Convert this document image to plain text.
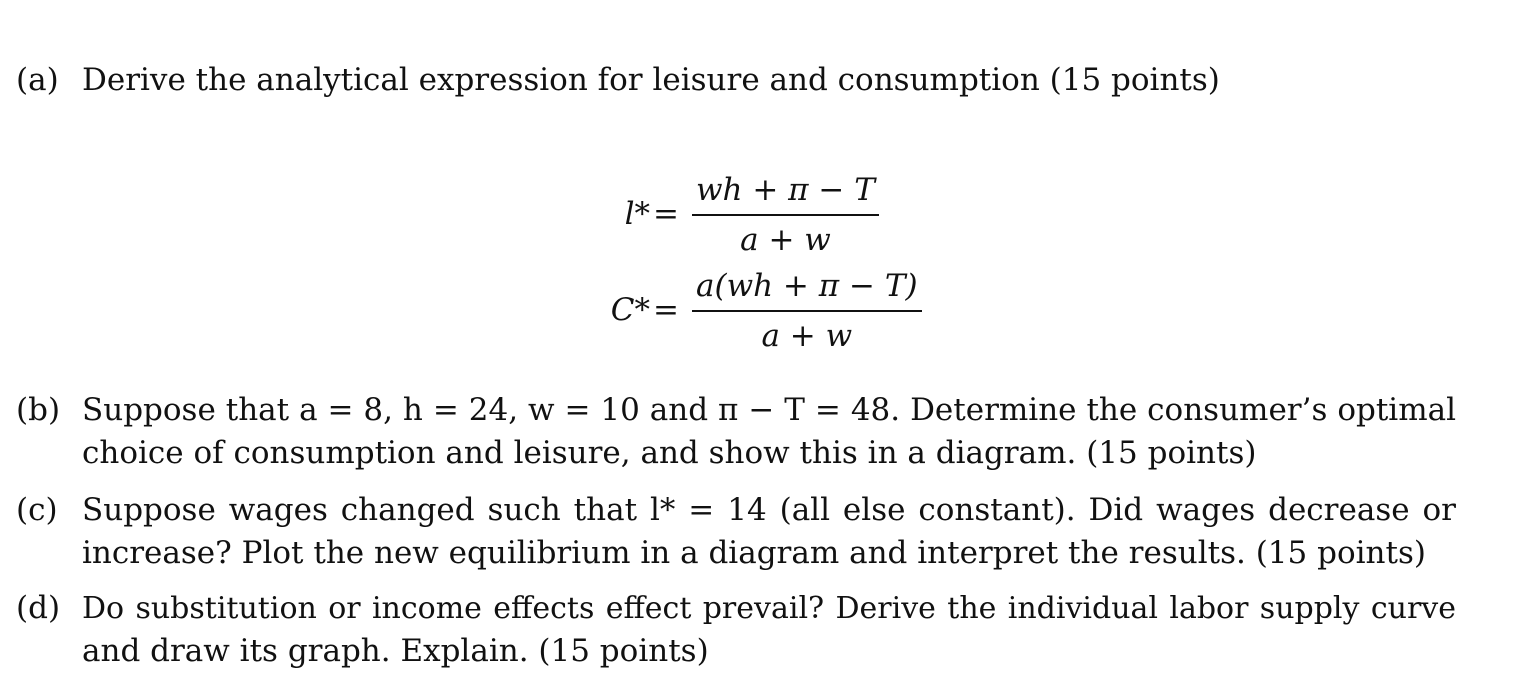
(a) Derive the analytical expression for leisure and consumption (15 points)
l* =
wh + π − T
a + w
C* =
a(wh + π − T)
a + w
(b) Suppose that a = 8, h = 24, w = 10 and π − T = 48. Determine the consumer’s optimal
choice of consumption and leisure, and show this in a diagram. (15 points)
(c) Suppose wages changed such that l* = 14 (all else constant). Did wages decrease or
increase? Plot the new equilibrium in a diagram and interpret the results. (15 points)
(d) Do substitution or income effects effect prevail? Derive the individual labor supply curve
and draw its graph. Explain. (15 points)
